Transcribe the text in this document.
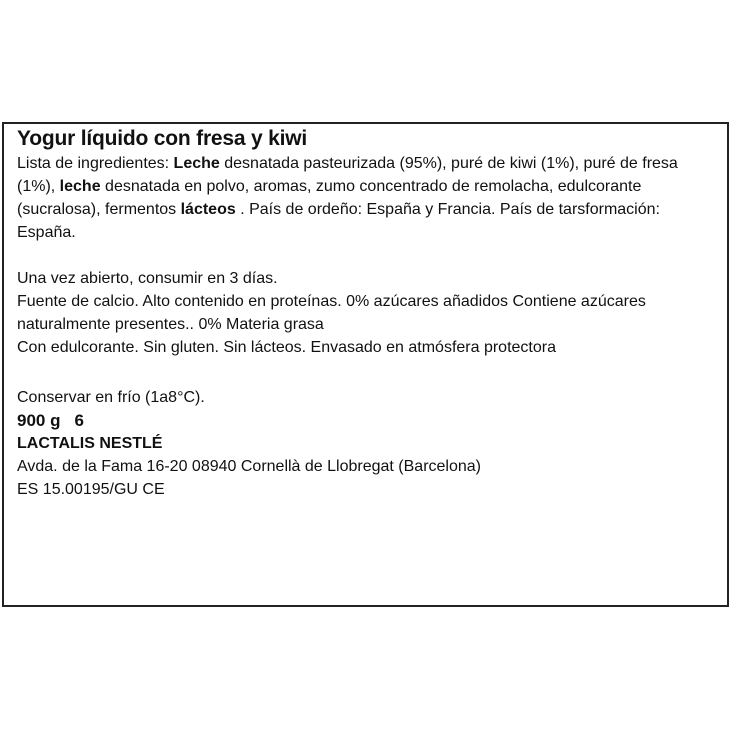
Yogur líquido con fresa y kiwi

Lista de ingredientes: Leche desnatada pasteurizada (95%), puré de kiwi (1%), puré de fresa (1%), leche desnatada en polvo, aromas, zumo concentrado de remolacha, edulcorante (sucralosa), fermentos lácteos . País de ordeño: España y Francia. País de tarsformación: España.

Una vez abierto, consumir en 3 días.

Fuente de calcio. Alto contenido en proteínas. 0% azúcares añadidos Contiene azúcares naturalmente presentes.. 0% Materia grasa

Con edulcorante. Sin gluten. Sin lácteos. Envasado en atmósfera protectora

Conservar en frío (1a8°C).

900 g 6

LACTALIS NESTLÉ

Avda. de la Fama 16-20 08940 Cornellà de Llobregat (Barcelona)

ES 15.00195/GU CE
